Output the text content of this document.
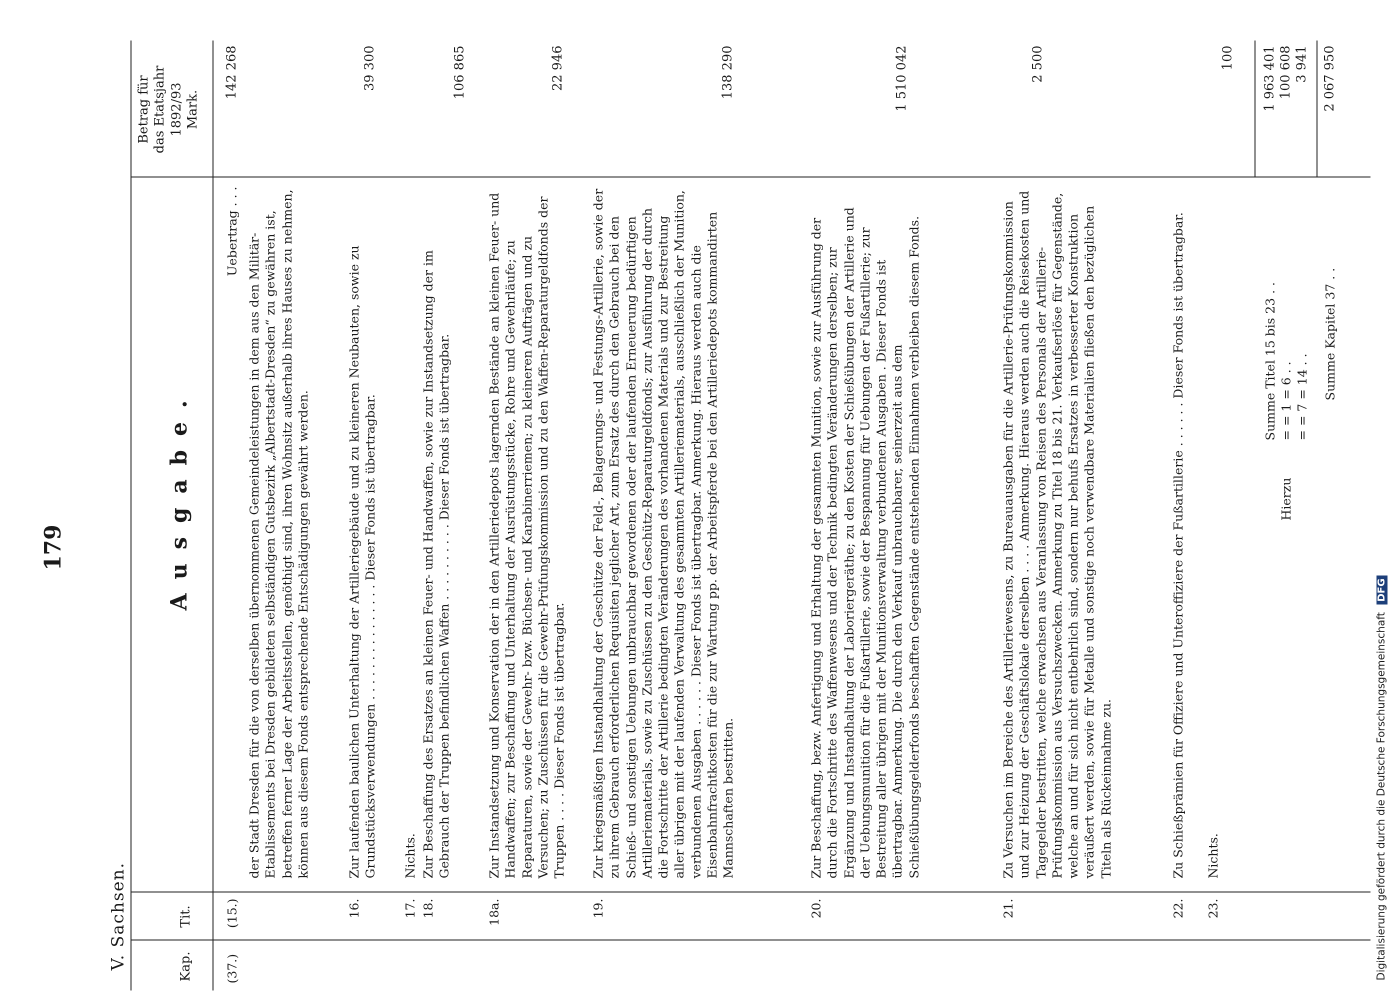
V. Sachsen.
179
Kap.
Tit.
Ausgabe.
Betrag für das Etatsjahr 1892/93 Mark.
(37.)
(15.)
Uebertrag . . .
142 268
der Stadt Dresden für die von derselben übernommenen Gemeindeleistungen in dem aus den Militär-Etablissements bei Dresden gebildeten selbständigen Gutsbezirk „Albertstadt-Dresden“ zu gewähren ist, betreffen ferner Lage der Arbeitsstellen, genöthigt sind, ihren Wohnsitz außerhalb ihres Hauses zu nehmen, können aus diesem Fonds entsprechende Entschädigungen gewährt werden.
16.
Zur laufenden baulichen Unterhaltung der Artilleriegebäude und zu kleineren Neubauten, sowie zu Grundstücksverwendungen . . . . . . . . . . . . . . . Dieser Fonds ist übertragbar.
39 300
17.
Nichts.
18.
Zur Beschaffung des Ersatzes an kleinen Feuer- und Handwaffen, sowie zur Instandsetzung der im Gebrauch der Truppen befindlichen Waffen . . . . . . . . . . Dieser Fonds ist übertragbar.
106 865
18a.
Zur Instandsetzung und Konservation der in den Artilleriedepots lagernden Bestände an kleinen Feuer- und Handwaffen; zur Beschaffung und Unterhaltung der Ausrüstungsstücke, Rohre und Gewehrläufe; zu Reparaturen, sowie der Gewehr- bzw. Büchsen- und Karabinerriemen; zu kleineren Aufträgen und zu Versuchen; zu Zuschüssen für die Gewehr-Prüfungskommission und zu den Waffen-Reparaturgeldfonds der Truppen . . . . Dieser Fonds ist übertragbar.
22 946
19.
Zur kriegsmäßigen Instandhaltung der Geschütze der Feld-, Belagerungs- und Festungs-Artillerie, sowie der zu ihrem Gebrauch erforderlichen Requisiten jeglicher Art, zum Ersatz des durch den Gebrauch bei den Schieß- und sonstigen Uebungen unbrauchbar gewordenen oder der laufenden Erneuerung bedürftigen Artilleriematerials, sowie zu Zuschüssen zu den Geschütz-Reparaturgeldfonds; zur Ausführung der durch die Fortschritte der Artillerie bedingten Veränderungen des vorhandenen Materials und zur Bestreitung aller übrigen mit der laufenden Verwaltung des gesammten Artilleriematerials, ausschließlich der Munition, verbundenen Ausgaben . . . . . . Dieser Fonds ist übertragbar. Anmerkung. Hieraus werden auch die Eisenbahnfrachtkosten für die zur Wartung pp. der Arbeitspferde bei den Artilleriedepots kommandirten Mannschaften bestritten.
138 290
20.
Zur Beschaffung, bezw. Anfertigung und Erhaltung der gesammten Munition, sowie zur Ausführung der durch die Fortschritte des Waffenwesens und der Technik bedingten Veränderungen derselben; zur Ergänzung und Instandhaltung der Laboriergeräthe; zu den Kosten der Schießübungen der Artillerie und der Uebungsmunition für die Fußartillerie, sowie der Bespannung für Uebungen der Fußartillerie; zur Bestreitung aller übrigen mit der Munitionsverwaltung verbundenen Ausgaben . Dieser Fonds ist übertragbar. Anmerkung. Die durch den Verkauf unbrauchbarer, seinerzeit aus dem Schießübungsgelderfonds beschafften Gegenstände entstehenden Einnahmen verbleiben diesem Fonds.
1 510 042
21.
Zu Versuchen im Bereiche des Artilleriewesens, zu Bureauausgaben für die Artillerie-Prüfungskommission und zur Heizung der Geschäftslokale derselben . . . . Anmerkung. Hieraus werden auch die Reisekosten und Tagegelder bestritten, welche erwachsen aus Veranlassung von Reisen des Personals der Artillerie-Prüfungskommission aus Versuchszwecken. Anmerkung zu Titel 18 bis 21. Verkaufserlöse für Gegenstände, welche an und für sich nicht entbehrlich sind, sondern nur behufs Ersatzes in verbesserter Konstruktion veräußert werden, sowie für Metalle und sonstige noch verwendbare Materialien fließen den bezüglichen Titeln als Rückeinnahme zu.
2 500
22.
Zu Schießprämien für Offiziere und Unteroffiziere der Fußartillerie . . . . . . Dieser Fonds ist übertragbar.
100
23.
Nichts.
Summe Titel 15 bis 23 . .
1 963 401
Hierzu
= = 1 = 6 . .
100 608
= = 7 = 14 . .
3 941
Summe Kapitel 37 . .
2 067 950
Digitalisierung gefördert durch die Deutsche Forschungsgemeinschaft DFG
